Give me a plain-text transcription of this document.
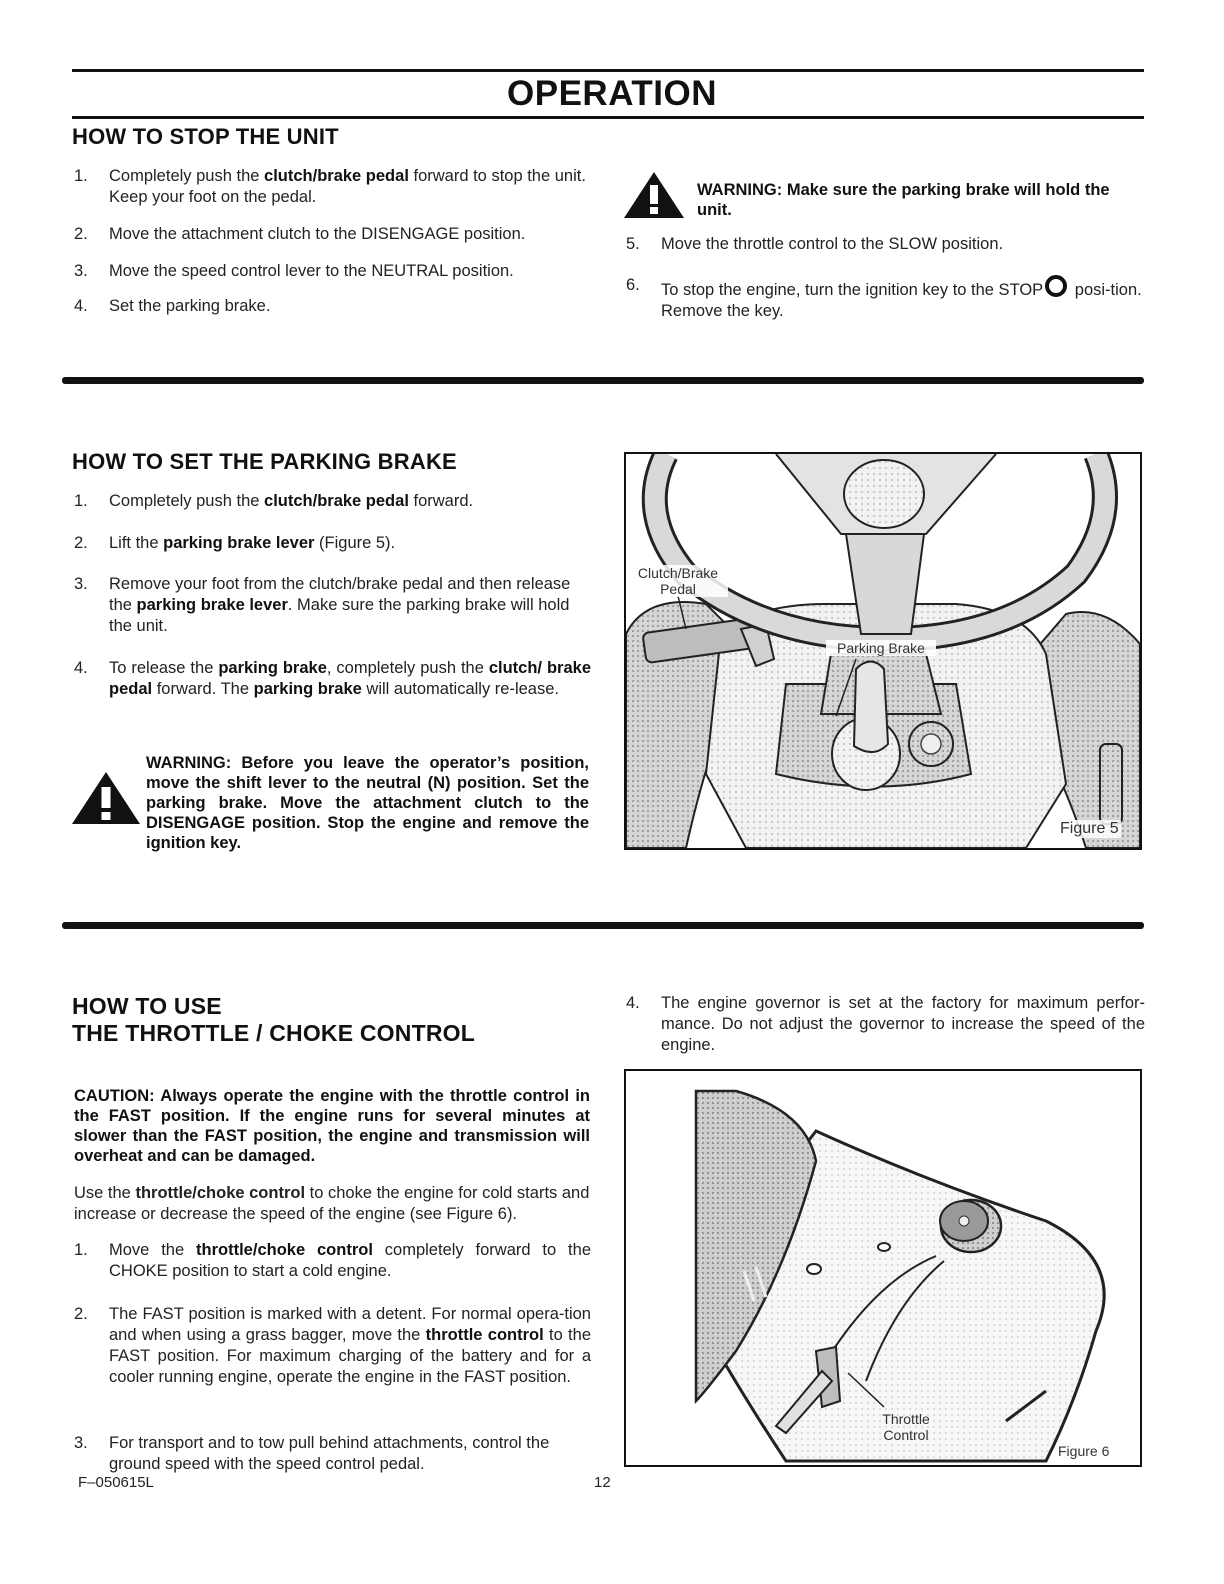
OPERATION
HOW TO STOP THE UNIT
1. Completely push the clutch/brake pedal forward to stop the unit. Keep your foot on the pedal.
2. Move the attachment clutch to the DISENGAGE position.
3. Move the speed control lever to the NEUTRAL position.
4. Set the parking brake.
WARNING: Make sure the parking brake will hold the unit.
5. Move the throttle control to the SLOW position.
6. To stop the engine, turn the ignition key to the STOP posi-tion. Remove the key.
HOW TO SET THE PARKING BRAKE
1. Completely push the clutch/brake pedal forward.
2. Lift the parking brake lever (Figure 5).
3. Remove your foot from the clutch/brake pedal and then release the parking brake lever. Make sure the parking brake will hold the unit.
4. To release the parking brake, completely push the clutch/ brake pedal forward. The parking brake will automatically re-lease.
WARNING: Before you leave the operator’s position, move the shift lever to the neutral (N) position. Set the parking brake. Move the attachment clutch to the DISENGAGE position. Stop the engine and remove the ignition key.
Clutch/Brake Pedal
Parking Brake
Figure 5
HOW TO USE
THE THROTTLE / CHOKE CONTROL
CAUTION: Always operate the engine with the throttle control in the FAST position. If the engine runs for several minutes at slower than the FAST position, the engine and transmission will overheat and can be damaged.
Use the throttle/choke control to choke the engine for cold starts and increase or decrease the speed of the engine (see Figure 6).
1. Move the throttle/choke control completely forward to the CHOKE position to start a cold engine.
2. The FAST position is marked with a detent. For normal opera-tion and when using a grass bagger, move the throttle control to the FAST position. For maximum charging of the battery and for a cooler running engine, operate the engine in the FAST position.
3. For transport and to tow pull behind attachments, control the ground speed with the speed control pedal.
4. The engine governor is set at the factory for maximum perfor-mance. Do not adjust the governor to increase the speed of the engine.
Throttle Control
Figure 6
F–050615L	12
